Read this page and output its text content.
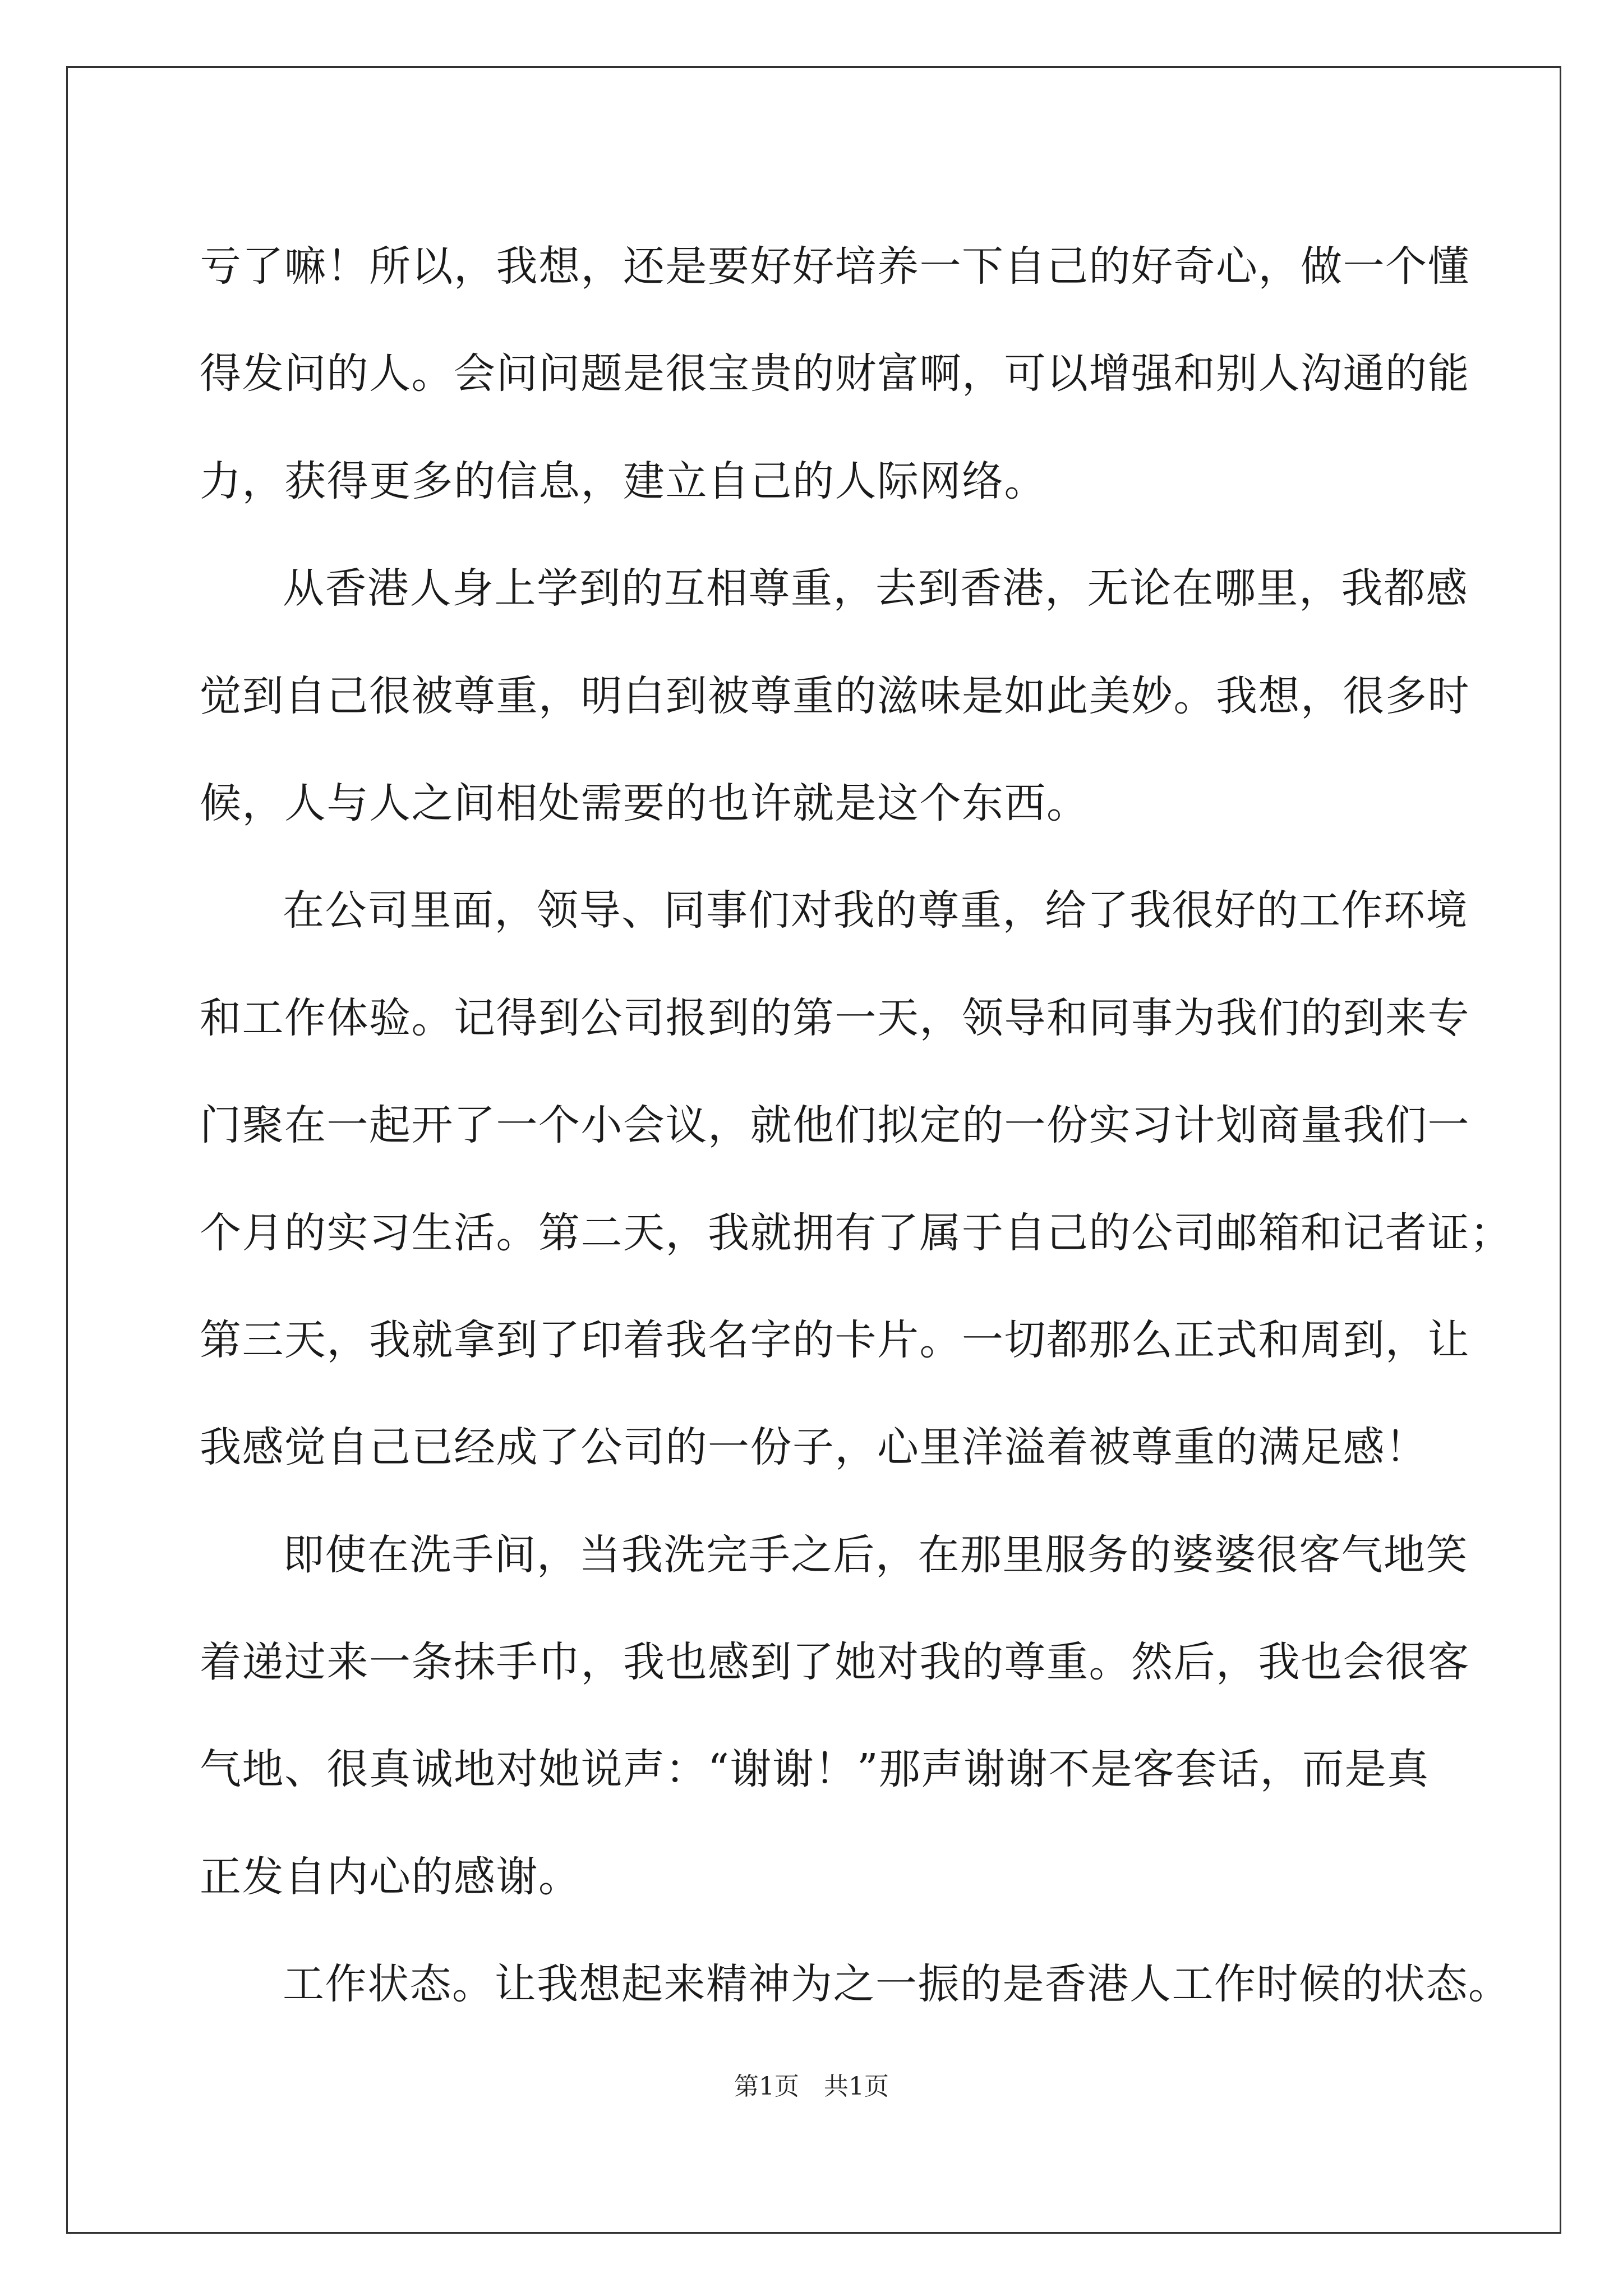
亏了嘛！所以，我想，还是要好好培养一下自己的好奇心，做一个懂
得发问的人。会问问题是很宝贵的财富啊，可以增强和别人沟通的能
力，获得更多的信息，建立自己的人际网络。
从香港人身上学到的互相尊重，去到香港，无论在哪里，我都感
觉到自己很被尊重，明白到被尊重的滋味是如此美妙。我想，很多时
候，人与人之间相处需要的也许就是这个东西。
在公司里面，领导、同事们对我的尊重，给了我很好的工作环境
和工作体验。记得到公司报到的第一天，领导和同事为我们的到来专
门聚在一起开了一个小会议，就他们拟定的一份实习计划商量我们一
个月的实习生活。第二天，我就拥有了属于自己的公司邮箱和记者证；
第三天，我就拿到了印着我名字的卡片。一切都那么正式和周到，让
我感觉自己已经成了公司的一份子，心里洋溢着被尊重的满足感！
即使在洗手间，当我洗完手之后，在那里服务的婆婆很客气地笑
着递过来一条抹手巾，我也感到了她对我的尊重。然后，我也会很客
气地、很真诚地对她说声：“谢谢！”那声谢谢不是客套话，而是真
正发自内心的感谢。
工作状态。让我想起来精神为之一振的是香港人工作时候的状态。
第1页 共1页
